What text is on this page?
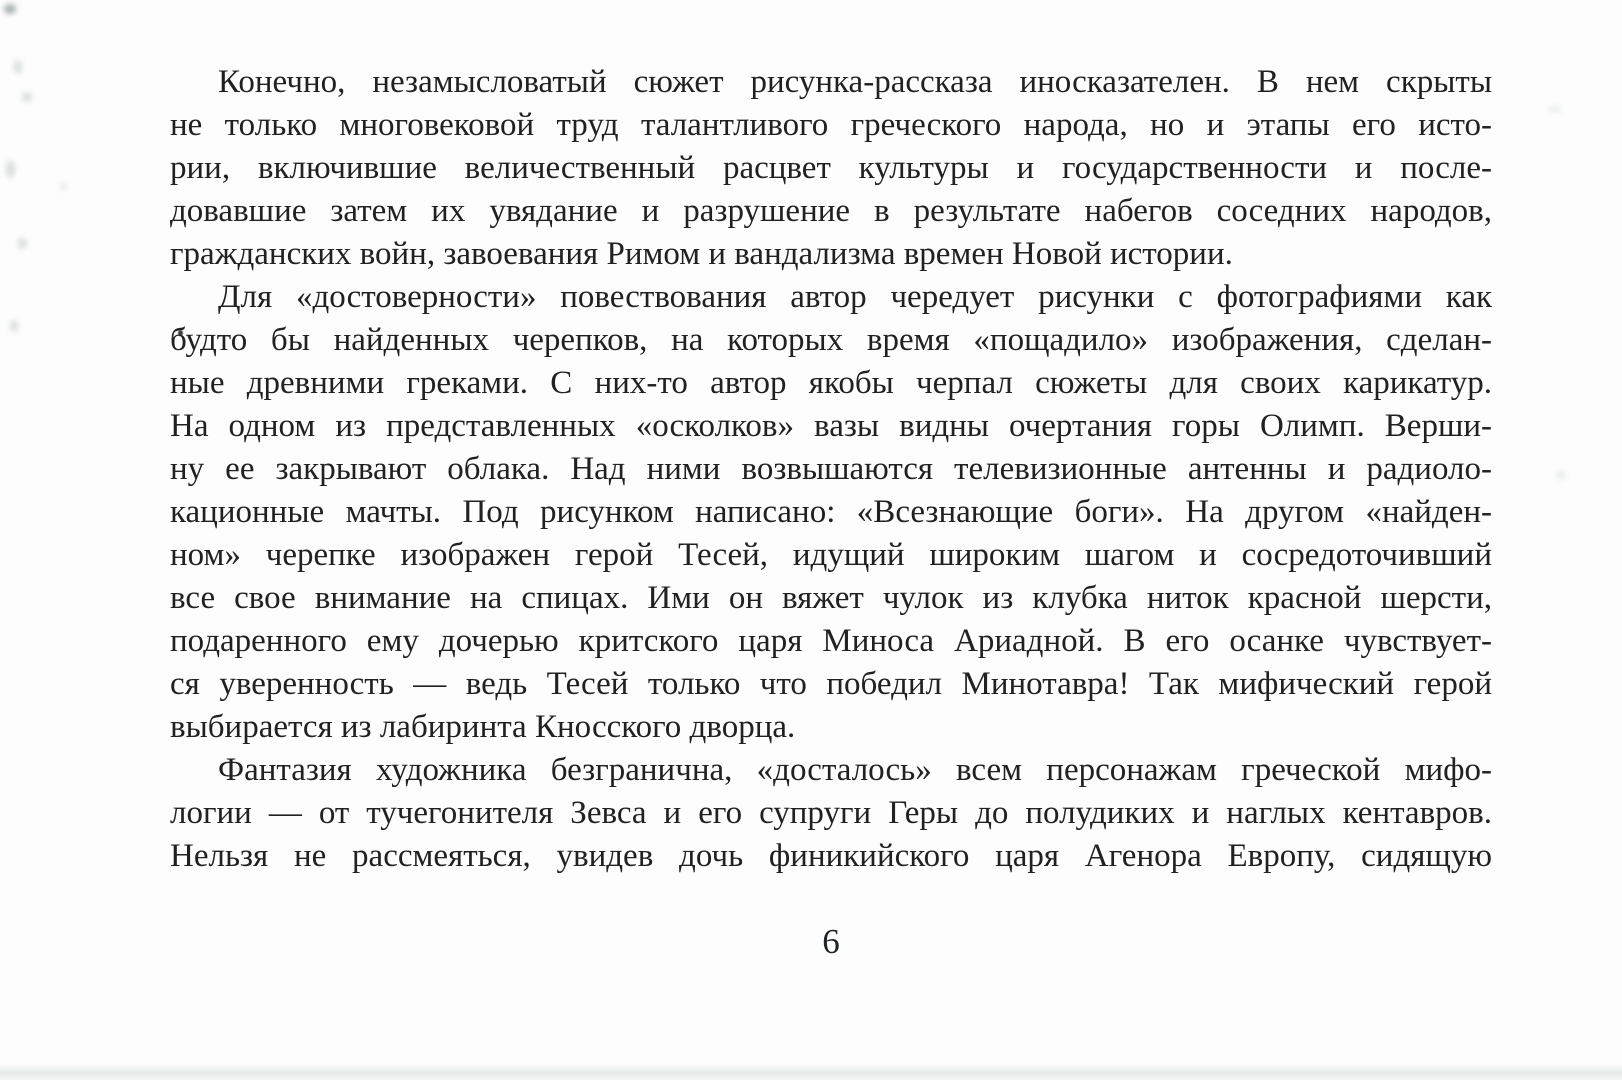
Конечно, незамысловатый сюжет рисунка-рассказа иносказателен. В нем скрыты
не только многовековой труд талантливого греческого народа, но и этапы его исто-
рии, включившие величественный расцвет культуры и государственности и после-
довавшие затем их увядание и разрушение в результате набегов соседних народов,
гражданских войн, завоевания Римом и вандализма времен Новой истории.
Для «достоверности» повествования автор чередует рисунки с фотографиями как
будто бы найденных черепков, на которых время «пощадило» изображения, сделан-
ные древними греками. С них-то автор якобы черпал сюжеты для своих карикатур.
На одном из представленных «осколков» вазы видны очертания горы Олимп. Верши-
ну ее закрывают облака. Над ними возвышаются телевизионные антенны и радиоло-
кационные мачты. Под рисунком написано: «Всезнающие боги». На другом «найден-
ном» черепке изображен герой Тесей, идущий широким шагом и сосредоточивший
все свое внимание на спицах. Ими он вяжет чулок из клубка ниток красной шерсти,
подаренного ему дочерью критского царя Миноса Ариадной. В его осанке чувствует-
ся уверенность — ведь Тесей только что победил Минотавра! Так мифический герой
выбирается из лабиринта Кносского дворца.
Фантазия художника безгранична, «досталось» всем персонажам греческой мифо-
логии — от тучегонителя Зевса и его супруги Геры до полудиких и наглых кентавров.
Нельзя не рассмеяться, увидев дочь финикийского царя Агенора Европу, сидящую
6
